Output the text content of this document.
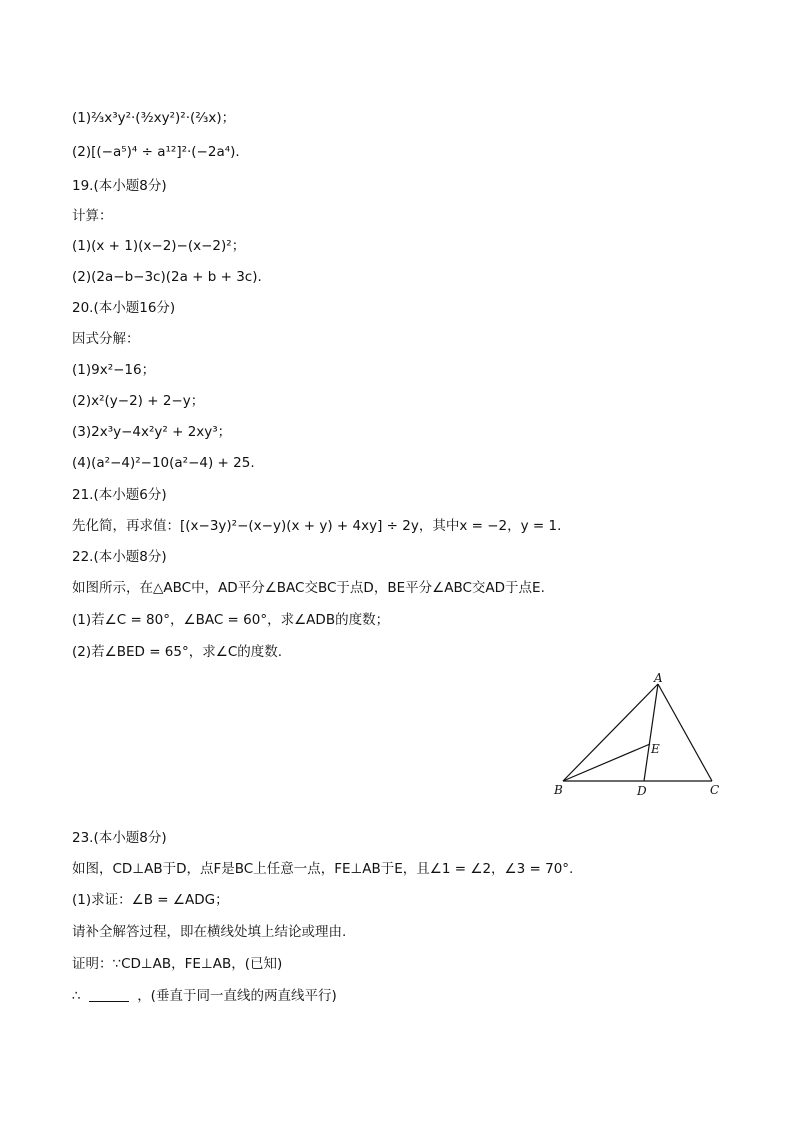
(1)⅔x³y²·(³⁄₂xy²)²·(⅔x)；
(2)[(−a⁵)⁴ ÷ a¹²]²·(−2a⁴).
19.(本小题8分)
计算：
(1)(x + 1)(x−2)−(x−2)²；
(2)(2a−b−3c)(2a + b + 3c).
20.(本小题16分)
因式分解：
(1)9x²−16；
(2)x²(y−2) + 2−y；
(3)2x³y−4x²y² + 2xy³；
(4)(a²−4)²−10(a²−4) + 25.
21.(本小题6分)
先化简，再求值：[(x−3y)²−(x−y)(x + y) + 4xy] ÷ 2y，其中x = −2，y = 1.
22.(本小题8分)
如图所示，在△ABC中，AD平分∠BAC交BC于点D，BE平分∠ABC交AD于点E.
(1)若∠C = 80°，∠BAC = 60°，求∠ADB的度数；
(2)若∠BED = 65°，求∠C的度数.
A
B	C
D
E
23.(本小题8分)
如图，CD⊥AB于D，点F是BC上任意一点，FE⊥AB于E，且∠1 = ∠2，∠3 = 70°.
(1)求证：∠B = ∠ADG；
请补全解答过程，即在横线处填上结论或理由.
证明：∵CD⊥AB，FE⊥AB，(已知)
∴	，(垂直于同一直线的两直线平行)
